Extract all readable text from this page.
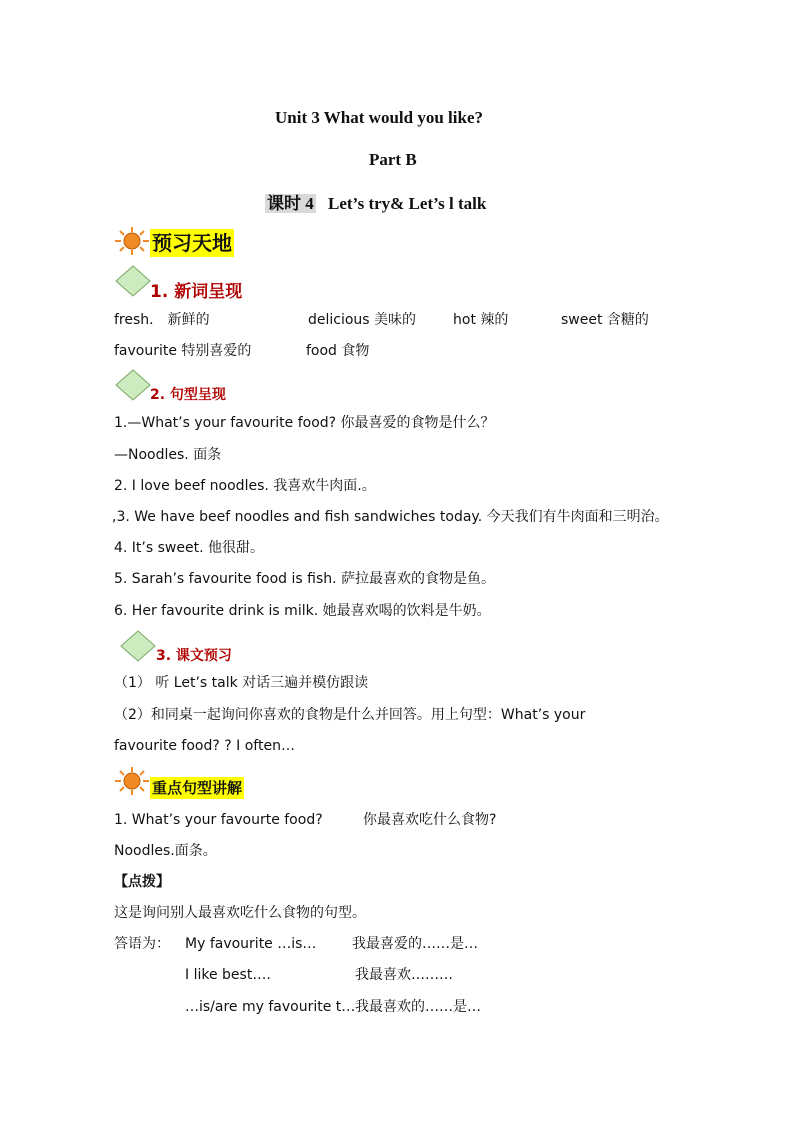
Unit 3 What would you like?
Part B
课时 4 Let’s try& Let’s l talk
预习天地
1. 新词呈现
fresh． 新鲜的	delicious 美味的	hot 辣的	sweet 含糖的
favourite 特别喜爱的	food 食物
2. 句型呈现
1.—What’s your favourite food? 你最喜爱的食物是什么？
—Noodles. 面条
2. I love beef noodles. 我喜欢牛肉面.。
,3. We have beef noodles and fish sandwiches today. 今天我们有牛肉面和三明治。
4. It’s sweet. 他很甜。
5. Sarah’s favourite food is fish. 萨拉最喜欢的食物是鱼。
6. Her favourite drink is milk. 她最喜欢喝的饮料是牛奶。
3. 课文预习
（1） 听 Let’s talk 对话三遍并模仿跟读
（2）和同桌一起询问你喜欢的食物是什么并回答。用上句型：What’s your
favourite food? ? I often…
重点句型讲解
1. What’s your favourte food?	你最喜欢吃什么食物?
Noodles.面条。
【点拨】
这是询问别人最喜欢吃什么食物的句型。
答语为： My favourite …is…	我最喜爱的……是…
I like best….	我最喜欢………
…is/are my favourite t… 我最喜欢的……是…
